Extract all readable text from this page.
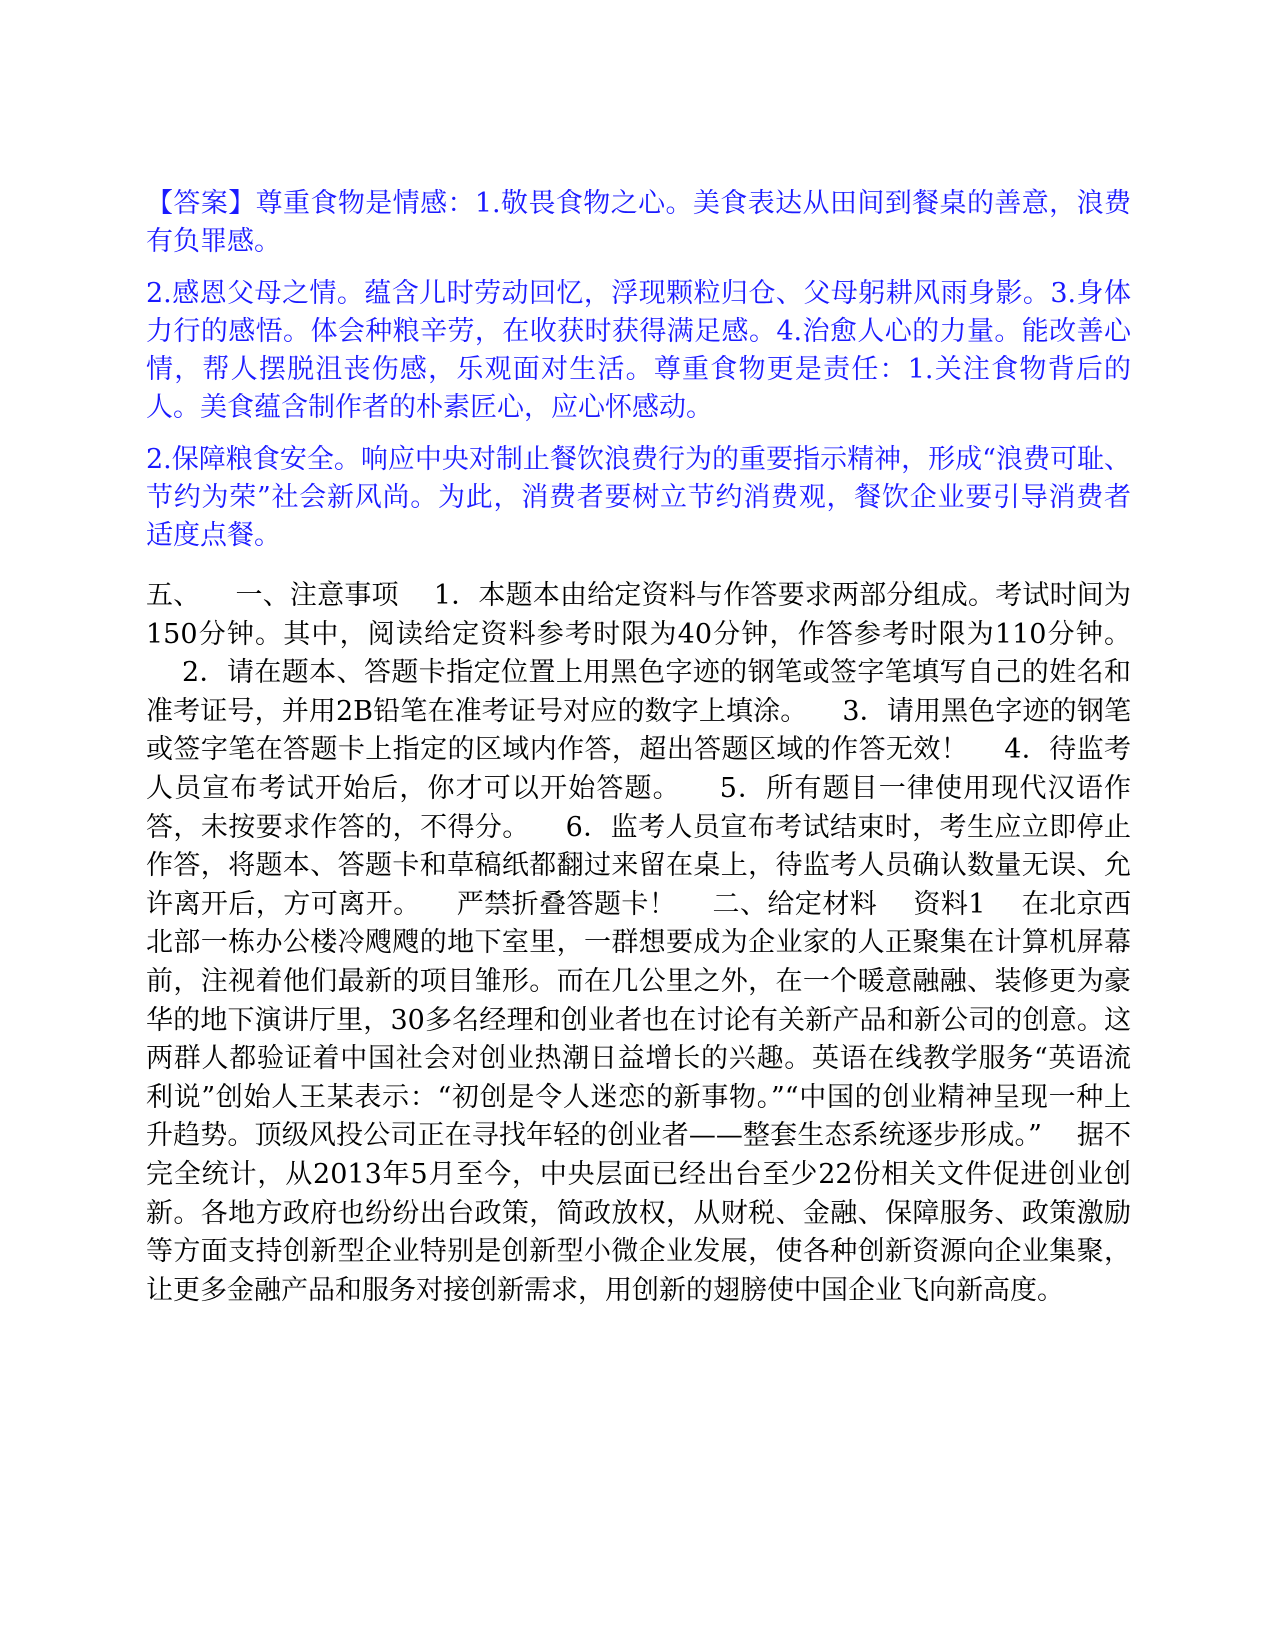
【答案】尊重食物是情感：1.敬畏食物之心。美食表达从田间到餐桌的善意，浪费有负罪感。

2.感恩父母之情。蕴含儿时劳动回忆，浮现颗粒归仓、父母躬耕风雨身影。3.身体力行的感悟。体会种粮辛劳，在收获时获得满足感。4.治愈人心的力量。能改善心情，帮人摆脱沮丧伤感，乐观面对生活。尊重食物更是责任：1.关注食物背后的人。美食蕴含制作者的朴素匠心，应心怀感动。

2.保障粮食安全。响应中央对制止餐饮浪费行为的重要指示精神，形成“浪费可耻、节约为荣”社会新风尚。为此，消费者要树立节约消费观，餐饮企业要引导消费者适度点餐。

五、 一、注意事项 1．本题本由给定资料与作答要求两部分组成。考试时间为150分钟。其中，阅读给定资料参考时限为40分钟，作答参考时限为110分钟。    2．请在题本、答题卡指定位置上用黑色字迹的钢笔或签字笔填写自己的姓名和准考证号，并用2B铅笔在准考证号对应的数字上填涂。 3．请用黑色字迹的钢笔或签字笔在答题卡上指定的区域内作答，超出答题区域的作答无效！ 4．待监考人员宣布考试开始后，你才可以开始答题。 5．所有题目一律使用现代汉语作答，未按要求作答的，不得分。 6．监考人员宣布考试结束时，考生应立即停止作答，将题本、答题卡和草稿纸都翻过来留在桌上，待监考人员确认数量无误、允许离开后，方可离开。 严禁折叠答题卡！ 二、给定材料 资料1 在北京西北部一栋办公楼冷飕飕的地下室里，一群想要成为企业家的人正聚集在计算机屏幕前，注视着他们最新的项目雏形。而在几公里之外，在一个暖意融融、装修更为豪华的地下演讲厅里，30多名经理和创业者也在讨论有关新产品和新公司的创意。这两群人都验证着中国社会对创业热潮日益增长的兴趣。英语在线教学服务“英语流利说”创始人王某表示：“初创是令人迷恋的新事物。”“中国的创业精神呈现一种上升趋势。顶级风投公司正在寻找年轻的创业者——整套生态系统逐步形成。” 据不完全统计，从2013年5月至今，中央层面已经出台至少22份相关文件促进创业创新。各地方政府也纷纷出台政策，简政放权，从财税、金融、保障服务、政策激励等方面支持创新型企业特别是创新型小微企业发展，使各种创新资源向企业集聚，让更多金融产品和服务对接创新需求，用创新的翅膀使中国企业飞向新高度。
